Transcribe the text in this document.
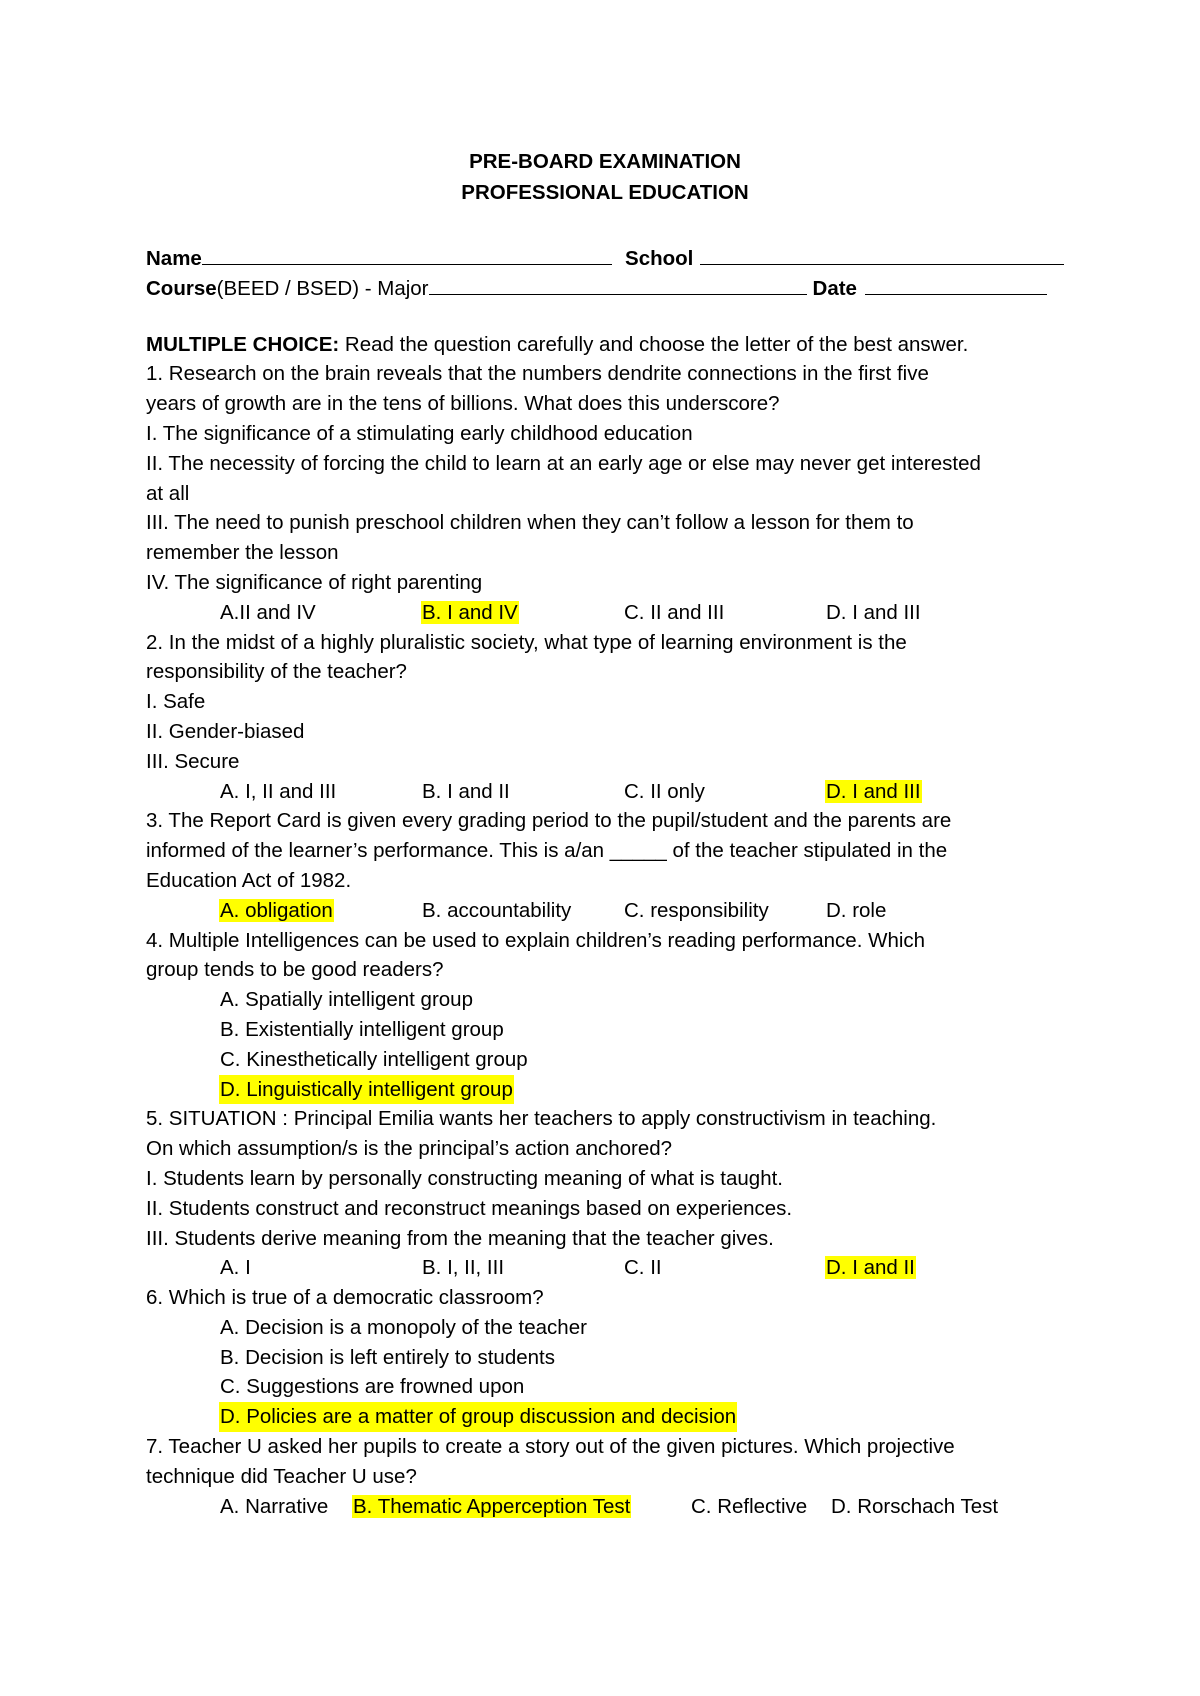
PRE-BOARD EXAMINATION
PROFESSIONAL EDUCATION
Name	School
Course (BEED / BSED) - Major	Date
MULTIPLE CHOICE: Read the question carefully and choose the letter of the best answer.
1. Research on the brain reveals that the numbers dendrite connections in the first five
years of growth are in the tens of billions. What does this underscore?
I. The significance of a stimulating early childhood education
II. The necessity of forcing the child to learn at an early age or else may never get interested
at all
III. The need to punish preschool children when they can’t follow a lesson for them to
remember the lesson
IV. The significance of right parenting
A.II and IV	B. I and IV	C. II and III	D. I and III
2. In the midst of a highly pluralistic society, what type of learning environment is the
responsibility of the teacher?
I. Safe
II. Gender-biased
III. Secure
A. I, II and III	B. I and II	C. II only	D. I and III
3. The Report Card is given every grading period to the pupil/student and the parents are
informed of the learner’s performance. This is a/an _____ of the teacher stipulated in the
Education Act of 1982.
A. obligation	B. accountability	C. responsibility	D. role
4. Multiple Intelligences can be used to explain children’s reading performance. Which
group tends to be good readers?
A. Spatially intelligent group
B. Existentially intelligent group
C. Kinesthetically intelligent group
D. Linguistically intelligent group
5. SITUATION : Principal Emilia wants her teachers to apply constructivism in teaching.
On which assumption/s is the principal’s action anchored?
I. Students learn by personally constructing meaning of what is taught.
II. Students construct and reconstruct meanings based on experiences.
III. Students derive meaning from the meaning that the teacher gives.
A. I	B. I, II, III	C. II	D. I and II
6. Which is true of a democratic classroom?
A. Decision is a monopoly of the teacher
B. Decision is left entirely to students
C. Suggestions are frowned upon
D. Policies are a matter of group discussion and decision
7. Teacher U asked her pupils to create a story out of the given pictures. Which projective
technique did Teacher U use?
A. Narrative	B. Thematic Apperception Test	C. Reflective	D. Rorschach Test
